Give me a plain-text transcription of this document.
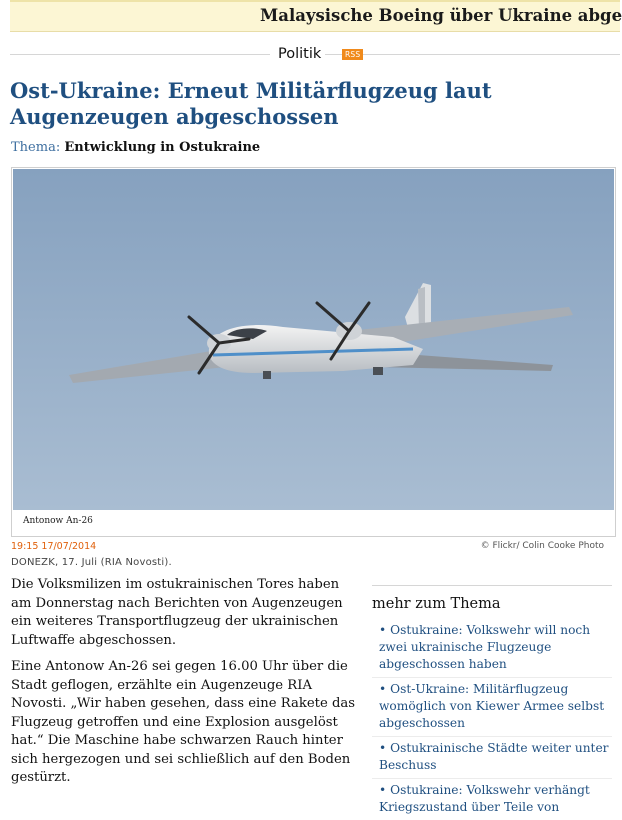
Malaysische Boeing über Ukraine abge
Politik	RSS
Ost-Ukraine: Erneut Militärflugzeug laut Augenzeugen abgeschossen
Thema: Entwicklung in Ostukraine
Antonow An-26
19:15 17/07/2014	© Flickr/ Colin Cooke Photo
DONEZK, 17. Juli (RIA Novosti).

Die Volksmilizen im ostukrainischen Tores haben am Donnerstag nach Berichten von Augenzeugen ein weiteres Transportflugzeug der ukrainischen Luftwaffe abgeschossen.

Eine Antonow An-26 sei gegen 16.00 Uhr über die Stadt geflogen, erzählte ein Augenzeuge RIA Novosti. „Wir haben gesehen, dass eine Rakete das Flugzeug getroffen und eine Explosion ausgelöst hat.“ Die Maschine habe schwarzen Rauch hinter sich hergezogen und sei schließlich auf den Boden gestürzt.

mehr zum Thema
• Ostukraine: Volkswehr will noch zwei ukrainische Flugzeuge abgeschossen haben
• Ost-Ukraine: Militärflugzeug womöglich von Kiewer Armee selbst abgeschossen
• Ostukrainische Städte weiter unter Beschuss
• Ostukraine: Volkswehr verhängt Kriegszustand über Teile von
